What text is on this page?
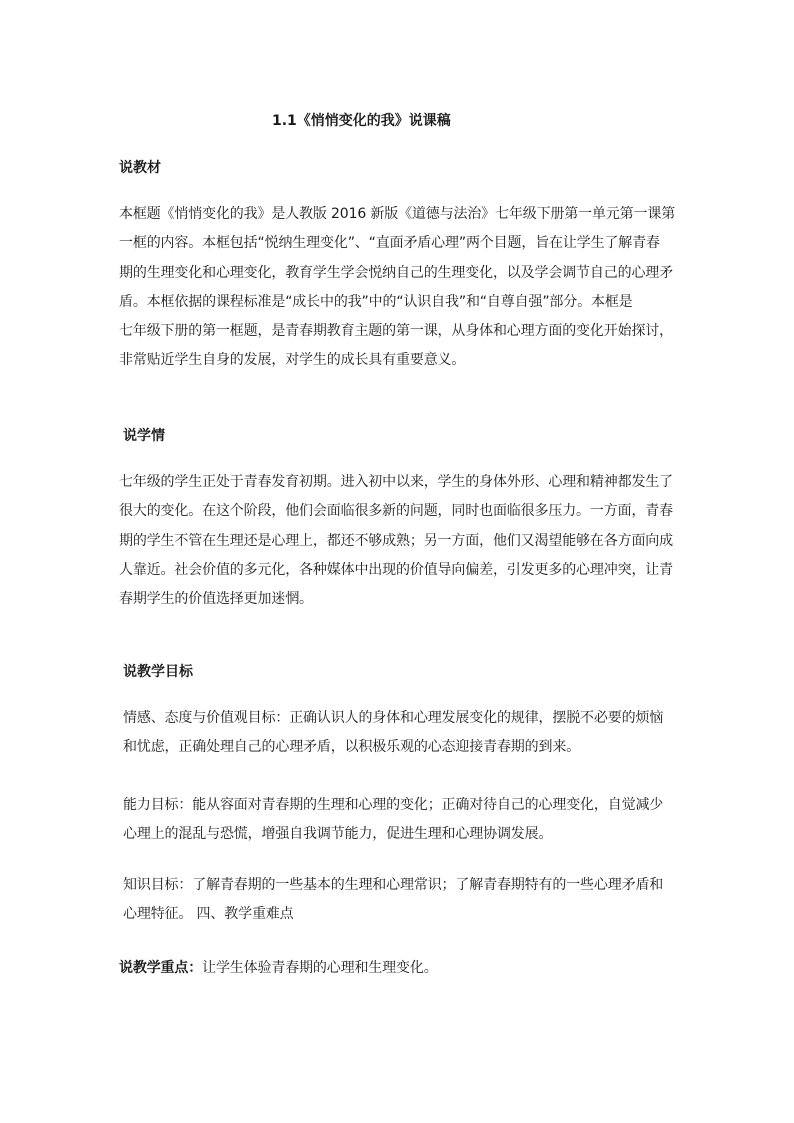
1.1《悄悄变化的我》说课稿
说教材
本框题《悄悄变化的我》是人教版 2016 新版《道德与法治》七年级下册第一单元第一课第
一框的内容。本框包括“悦纳生理变化”、“直面矛盾心理”两个目题，旨在让学生了解青春
期的生理变化和心理变化，教育学生学会悦纳自己的生理变化，以及学会调节自己的心理矛
盾。本框依据的课程标准是“成长中的我”中的“认识自我”和“自尊自强”部分。本框是
七年级下册的第一框题，是青春期教育主题的第一课，从身体和心理方面的变化开始探讨，
非常贴近学生自身的发展，对学生的成长具有重要意义。
说学情
七年级的学生正处于青春发育初期。进入初中以来，学生的身体外形、心理和精神都发生了
很大的变化。在这个阶段，他们会面临很多新的问题，同时也面临很多压力。一方面，青春
期的学生不管在生理还是心理上，都还不够成熟；另一方面，他们又渴望能够在各方面向成
人靠近。社会价值的多元化，各种媒体中出现的价值导向偏差，引发更多的心理冲突，让青
春期学生的价值选择更加迷惘。
说教学目标
情感、态度与价值观目标：正确认识人的身体和心理发展变化的规律，摆脱不必要的烦恼
和忧虑，正确处理自己的心理矛盾，以积极乐观的心态迎接青春期的到来。
能力目标：能从容面对青春期的生理和心理的变化；正确对待自己的心理变化，自觉减少
心理上的混乱与恐慌，增强自我调节能力，促进生理和心理协调发展。
知识目标：了解青春期的一些基本的生理和心理常识；了解青春期特有的一些心理矛盾和
心理特征。 四、教学重难点
说教学重点：让学生体验青春期的心理和生理变化。
